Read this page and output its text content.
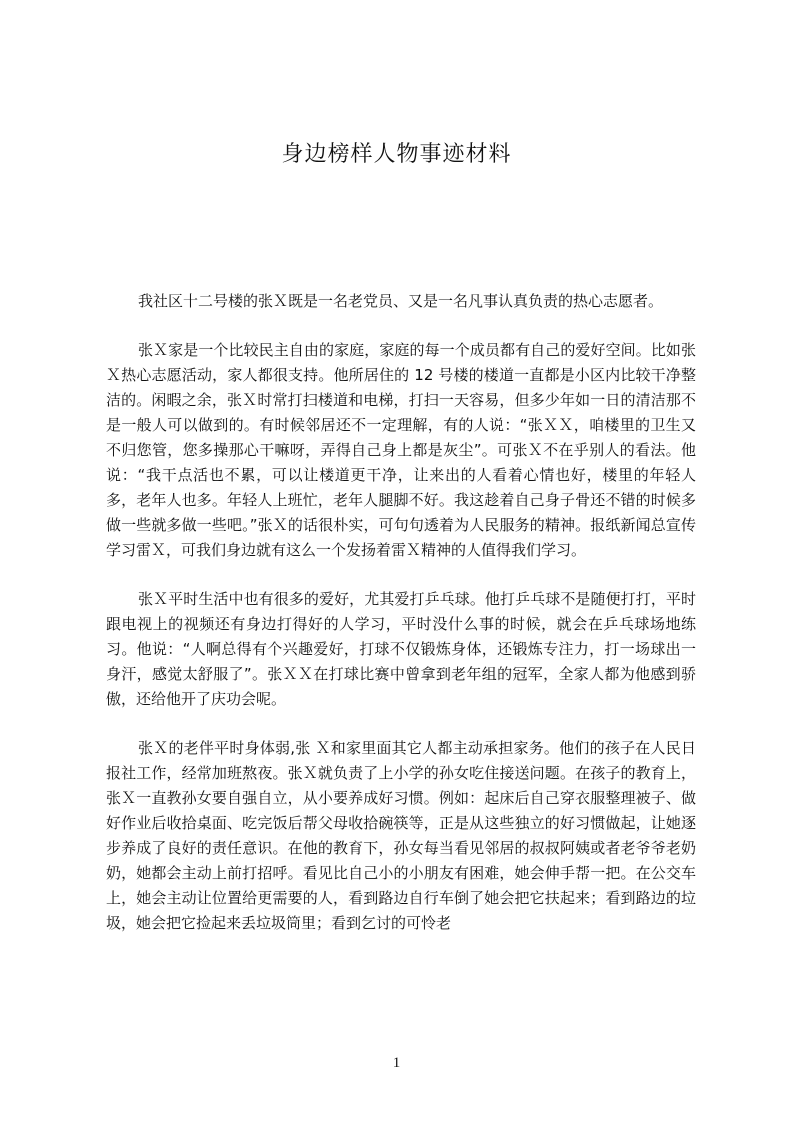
身边榜样人物事迹材料

我社区十二号楼的张Ｘ既是一名老党员、又是一名凡事认真负责的热心志愿者。

张Ｘ家是一个比较民主自由的家庭，家庭的每一个成员都有自己的爱好空间。比如张Ｘ热心志愿活动，家人都很支持。他所居住的 12 号楼的楼道一直都是小区内比较干净整洁的。闲暇之余，张Ｘ时常打扫楼道和电梯，打扫一天容易，但多少年如一日的清洁那不是一般人可以做到的。有时候邻居还不一定理解，有的人说：“张ＸＸ，咱楼里的卫生又不归您管，您多操那心干嘛呀，弄得自己身上都是灰尘”。可张Ｘ不在乎别人的看法。他说：“我干点活也不累，可以让楼道更干净，让来出的人看着心情也好，楼里的年轻人多，老年人也多。年轻人上班忙，老年人腿脚不好。我这趁着自己身子骨还不错的时候多做一些就多做一些吧。”张Ｘ的话很朴实，可句句透着为人民服务的精神。报纸新闻总宣传学习雷Ｘ，可我们身边就有这么一个发扬着雷Ｘ精神的人值得我们学习。

张Ｘ平时生活中也有很多的爱好，尤其爱打乒乓球。他打乒乓球不是随便打打，平时跟电视上的视频还有身边打得好的人学习，平时没什么事的时候，就会在乒乓球场地练习。他说：“人啊总得有个兴趣爱好，打球不仅锻炼身体，还锻炼专注力，打一场球出一身汗，感觉太舒服了”。张ＸＸ在打球比赛中曾拿到老年组的冠军，全家人都为他感到骄傲，还给他开了庆功会呢。

张Ｘ的老伴平时身体弱,张 Ｘ和家里面其它人都主动承担家务。他们的孩子在人民日报社工作，经常加班熬夜。张Ｘ就负责了上小学的孙女吃住接送问题。在孩子的教育上，张Ｘ一直教孙女要自强自立，从小要养成好习惯。例如：起床后自己穿衣服整理被子、做好作业后收拾桌面、吃完饭后帮父母收拾碗筷等，正是从这些独立的好习惯做起，让她逐步养成了良好的责任意识。在他的教育下，孙女每当看见邻居的叔叔阿姨或者老爷爷老奶奶，她都会主动上前打招呼。看见比自己小的小朋友有困难，她会伸手帮一把。在公交车上，她会主动让位置给更需要的人，看到路边自行车倒了她会把它扶起来；看到路边的垃圾，她会把它捡起来丢垃圾筒里；看到乞讨的可怜老

1
